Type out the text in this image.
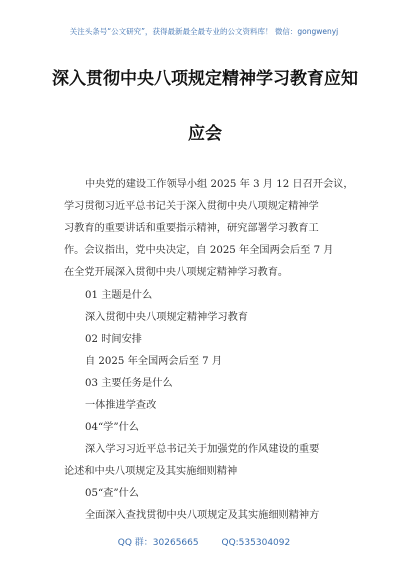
关注头条号“公文研究”，获得最新最全最专业的公文资料库！ 微信：gongwenyj
深入贯彻中央八项规定精神学习教育应知
应会
中央党的建设工作领导小组 2025 年 3 月 12 日召开会议，
学习贯彻习近平总书记关于深入贯彻中央八项规定精神学
习教育的重要讲话和重要指示精神，研究部署学习教育工
作。会议指出，党中央决定，自 2025 年全国两会后至 7 月
在全党开展深入贯彻中央八项规定精神学习教育。
01 主题是什么
深入贯彻中央八项规定精神学习教育
02 时间安排
自 2025 年全国两会后至 7 月
03 主要任务是什么
一体推进学查改
04“学”什么
深入学习习近平总书记关于加强党的作风建设的重要
论述和中央八项规定及其实施细则精神
05“查”什么
全面深入查找贯彻中央八项规定及其实施细则精神方
QQ 群：30265665	QQ:535304092
